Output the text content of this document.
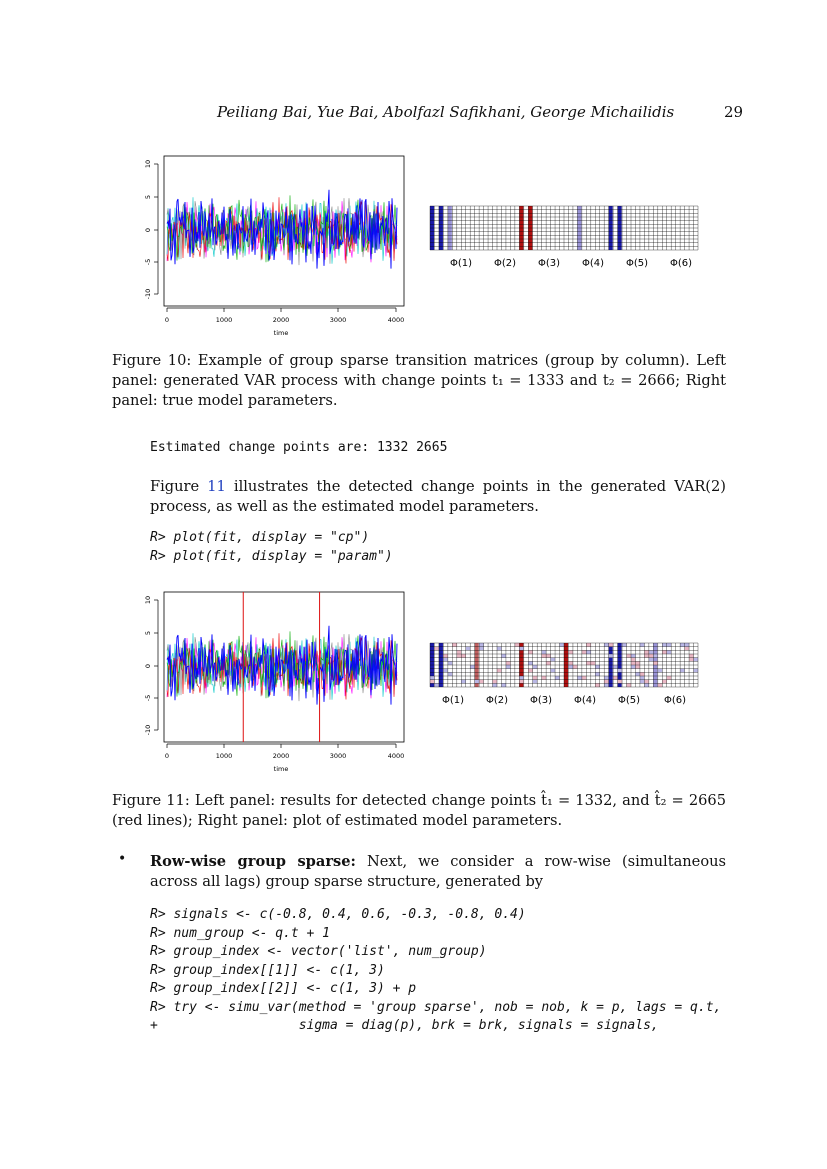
Peiliang Bai, Yue Bai, Abolfazl Safikhani, George Michailidis	29
0	1000	2000	3000	4000
time
10
5
0
-5
-10
Φ(1) Φ(2) Φ(3) Φ(4) Φ(5) Φ(6)
Figure 10: Example of group sparse transition matrices (group by column). Left panel: generated VAR process with change points t₁ = 1333 and t₂ = 2666; Right panel: true model parameters.
Estimated change points are: 1332 2665
Figure 11 illustrates the detected change points in the generated VAR(2) process, as well as the estimated model parameters.
R> plot(fit, display = "cp")
R> plot(fit, display = "param")
0	1000	2000	3000	4000
time
10
5
0
-5
-10
Φ(1) Φ(2) Φ(3) Φ(4) Φ(5) Φ(6)
Figure 11: Left panel: results for detected change points t̂₁ = 1332, and t̂₂ = 2665 (red lines); Right panel: plot of estimated model parameters.
• Row-wise group sparse: Next, we consider a row-wise (simultaneous across all lags) group sparse structure, generated by
R> signals <- c(-0.8, 0.4, 0.6, -0.3, -0.8, 0.4)
R> num_group <- q.t + 1
R> group_index <- vector('list', num_group)
R> group_index[[1]] <- c(1, 3)
R> group_index[[2]] <- c(1, 3) + p
R> try <- simu_var(method = 'group sparse', nob = nob, k = p, lags = q.t,
+                  sigma = diag(p), brk = brk, signals = signals,
